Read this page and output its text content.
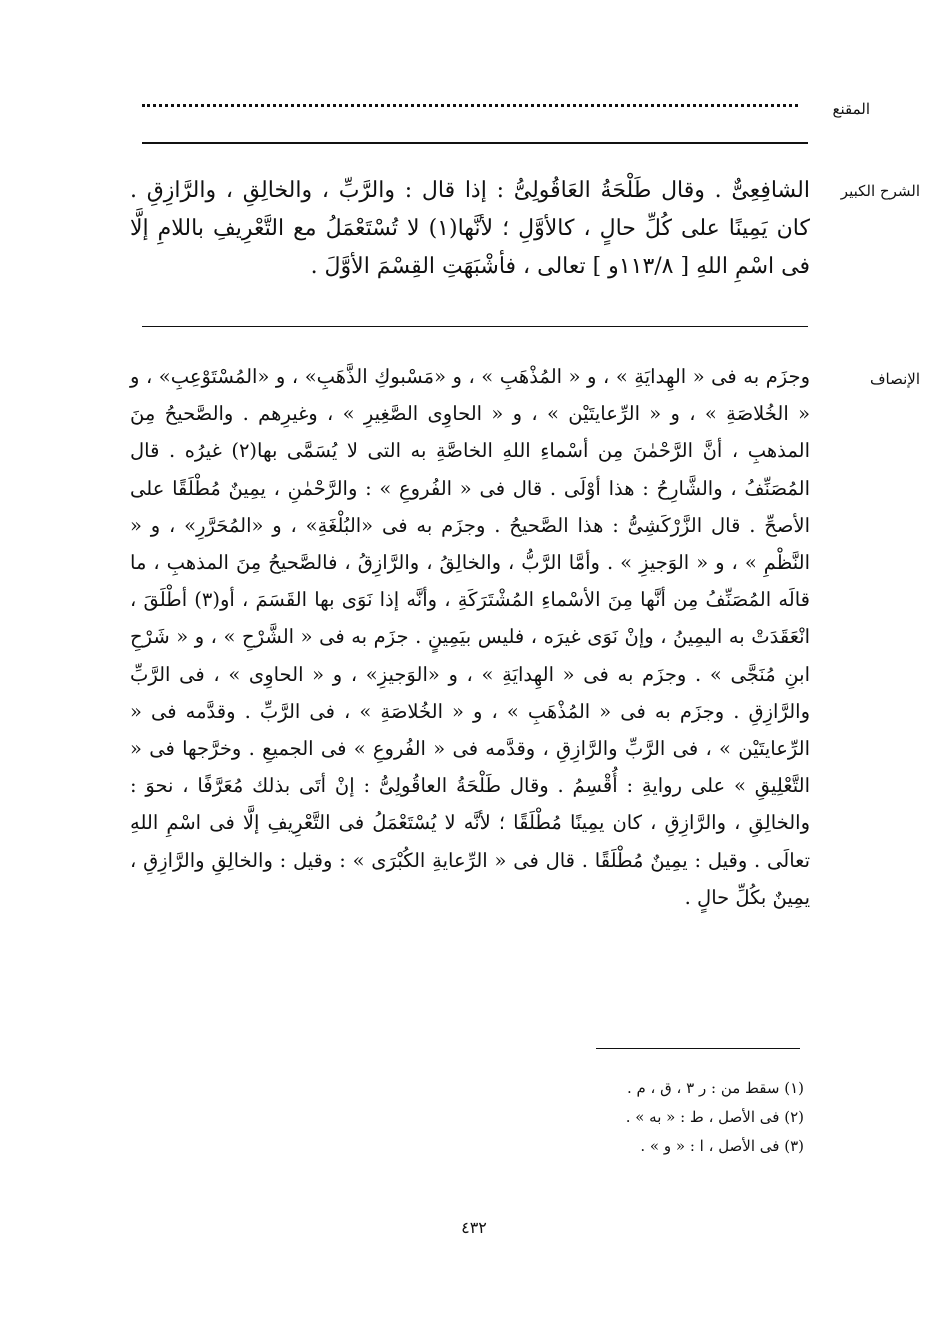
المقنع
الشرح الكبير

الشافِعِىٌّ . وقال طَلْحَةُ العَاقُولِىُّ : إذا قال : والرَّبِّ ، والخالِقِ ، والرَّازِقِ . كان يَمِينًا على كُلِّ حالٍ ، كالأوَّلِ ؛ لأنَّها(١) لا تُسْتَعْمَلُ مع التَّعْرِيفِ باللامِ إلَّا فى اسْمِ اللهِ [ ١١٣/٨و ] تعالى ، فأشْبَهَتِ القِسْمَ الأوَّلَ .

الإنصاف

وجزَم به فى « الهِدايَةِ » ، و « المُذْهَبِ » ، و «مَسْبوكِ الذَّهَبِ» ، و «المُسْتَوْعِبِ» ، و « الخُلاصَةِ » ، و « الرِّعايتَيْن » ، و « الحاوِى الصَّغِيرِ » ، وغيرِهم . والصَّحيحُ مِنَ المذهبِ ، أنَّ الرَّحْمٰنَ مِن أسْماءِ اللهِ الخاصَّةِ به التى لا يُسَمَّى بها(٢) غيرُه . قال المُصَنِّفُ ، والشَّارِحُ : هذا أوْلَى . قال فى « الفُروعِ » : والرَّحْمٰنِ ، يمِينٌ مُطْلَقًا على الأصحِّ . قال الزَّرْكَشِىُّ : هذا الصَّحيحُ . وجزَم به فى «البُلْغَةِ» ، و «المُحَرَّرِ» ، و « النَّظْمِ » ، و « الوَجيزِ » . وأمَّا الرَّبُّ ، والخالِقُ ، والرَّازِقُ ، فالصَّحيحُ مِنَ المذهبِ ، ما قالَه المُصَنِّفُ مِن أنَّها مِنَ الأسْماءِ المُشْتَرَكَةِ ، وأنَّه إذا نَوَى بها القَسَمَ ، أو(٣) أطْلَقَ ، انْعَقَدَتْ به اليمِينُ ، وإنْ نَوَى غيرَه ، فليس بيَمِينٍ . جزَم به فى « الشَّرْحِ » ، و « شَرْحِ ابنِ مُنَجَّى » . وجزَم به فى « الهِدايَةِ » ، و «الوَجيزِ» ، و « الحاوِى » ، فى الرَّبِّ والرَّازِقِ . وجزَم به فى « المُذْهَبِ » ، و « الخُلاصَةِ » ، فى الرَّبِّ . وقدَّمه فى « الرِّعايتَيْن » ، فى الرَّبِّ والرَّازِقِ ، وقدَّمه فى « الفُروعِ » فى الجميعِ . وخرَّجها فى « التَّعْلِيقِ » على روايةِ : أُقْسِمُ . وقال طَلْحَةُ العاقُولِىُّ : إنْ أتَى بذلك مُعَرَّفًا ، نحوَ : والخالِقِ ، والرَّازِقِ ، كان يمِينًا مُطْلَقًا ؛ لأنَّه لا يُسْتَعْمَلُ فى التَّعْرِيفِ إلَّا فى اسْمِ اللهِ تعالَى . وقيل : يمِينٌ مُطْلَقًا . قال فى « الرِّعايةِ الكُبْرَى » : وقيل : والخالِقِ والرَّازِقِ ، يمِينٌ بكُلِّ حالٍ .

(١) سقط من : ر ٣ ، ق ، م .
(٢) فى الأصل ، ط : « به » .
(٣) فى الأصل ، ا : « و » .
٤٣٢
